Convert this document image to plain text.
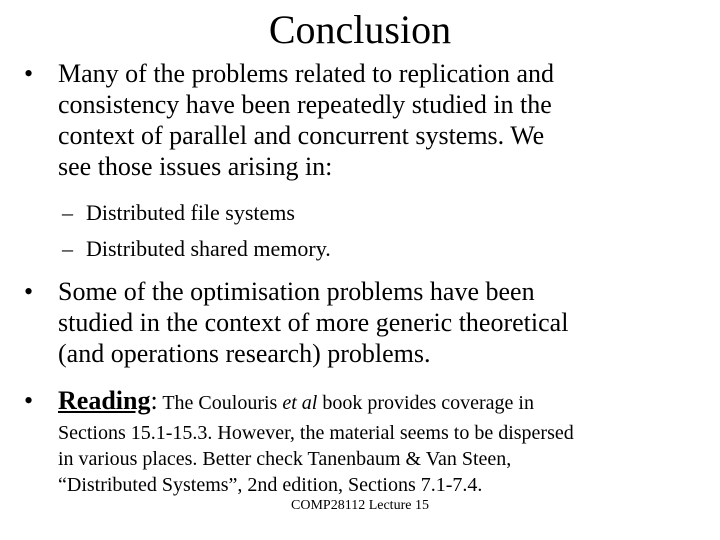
Conclusion
• Many of the problems related to replication and
consistency have been repeatedly studied in the
context of parallel and concurrent systems. We
see those issues arising in:
– Distributed file systems
– Distributed shared memory.
• Some of the optimisation problems have been
studied in the context of more generic theoretical
(and operations research) problems.
• Reading: The Coulouris et al book provides coverage in
Sections 15.1-15.3. However, the material seems to be dispersed
in various places. Better check Tanenbaum & Van Steen,
“Distributed Systems”, 2nd edition, Sections 7.1-7.4.
COMP28112 Lecture 15
